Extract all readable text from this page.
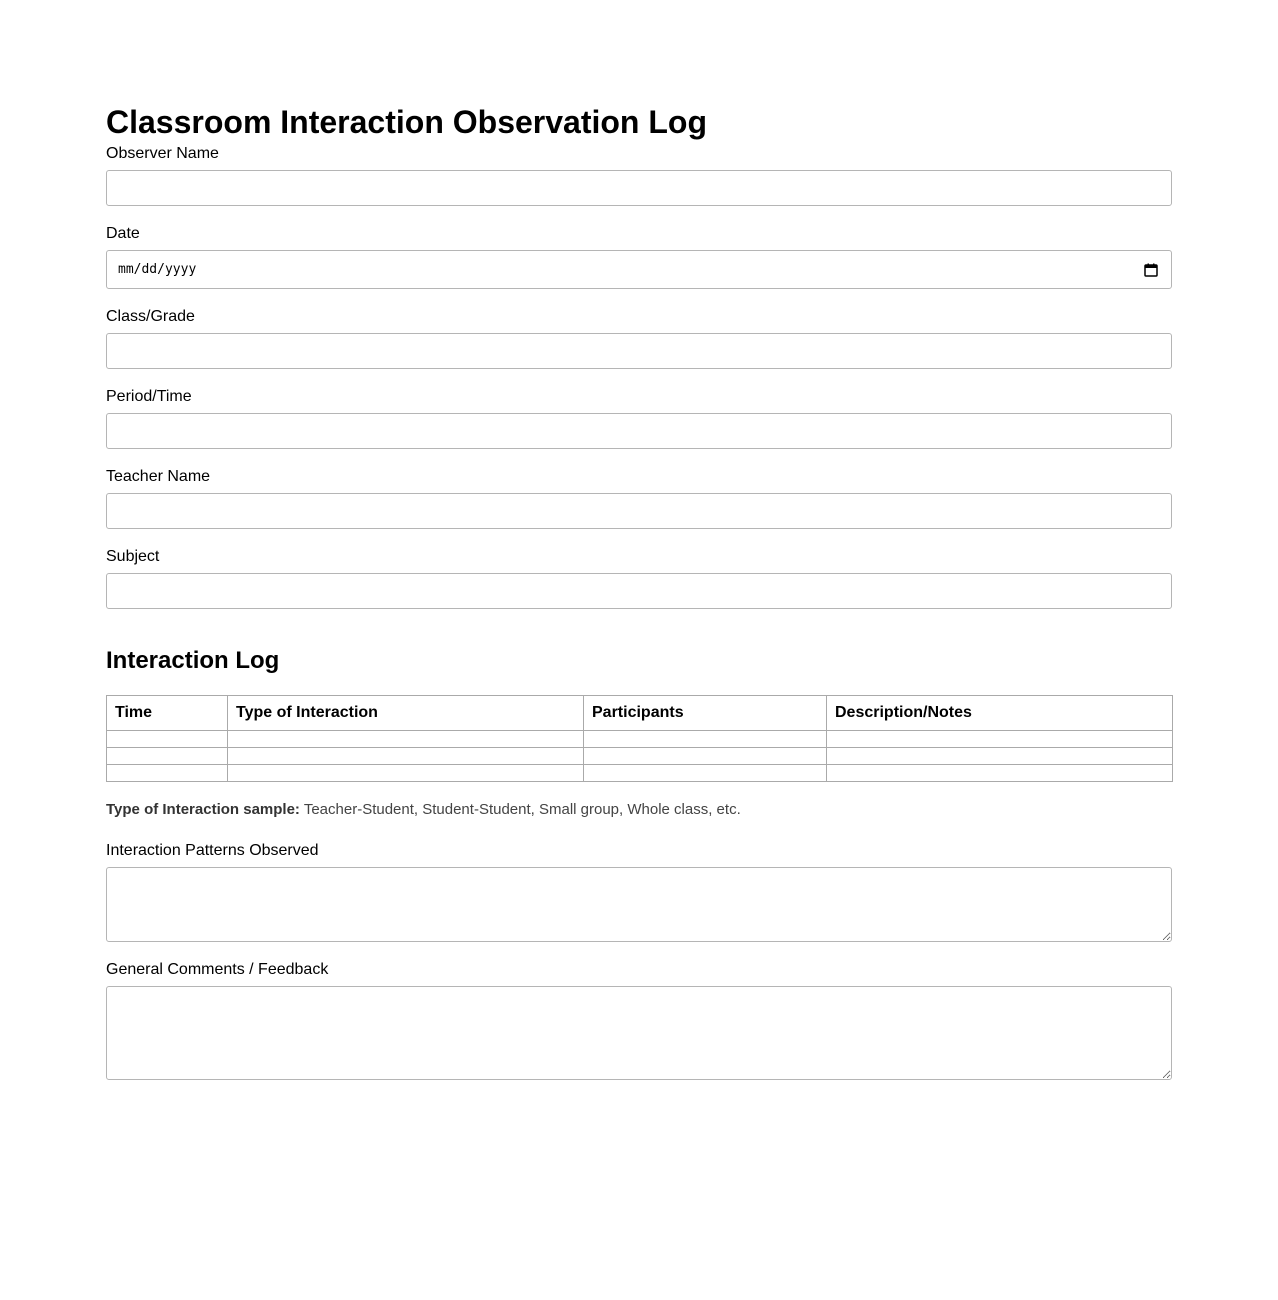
Classroom Interaction Observation Log
Observer Name
Date
mm/dd/yyyy
Class/Grade
Period/Time
Teacher Name
Subject
Interaction Log
Time	Type of Interaction	Participants	Description/Notes

Type of Interaction sample: Teacher-Student, Student-Student, Small group, Whole class, etc.
Interaction Patterns Observed
General Comments / Feedback
